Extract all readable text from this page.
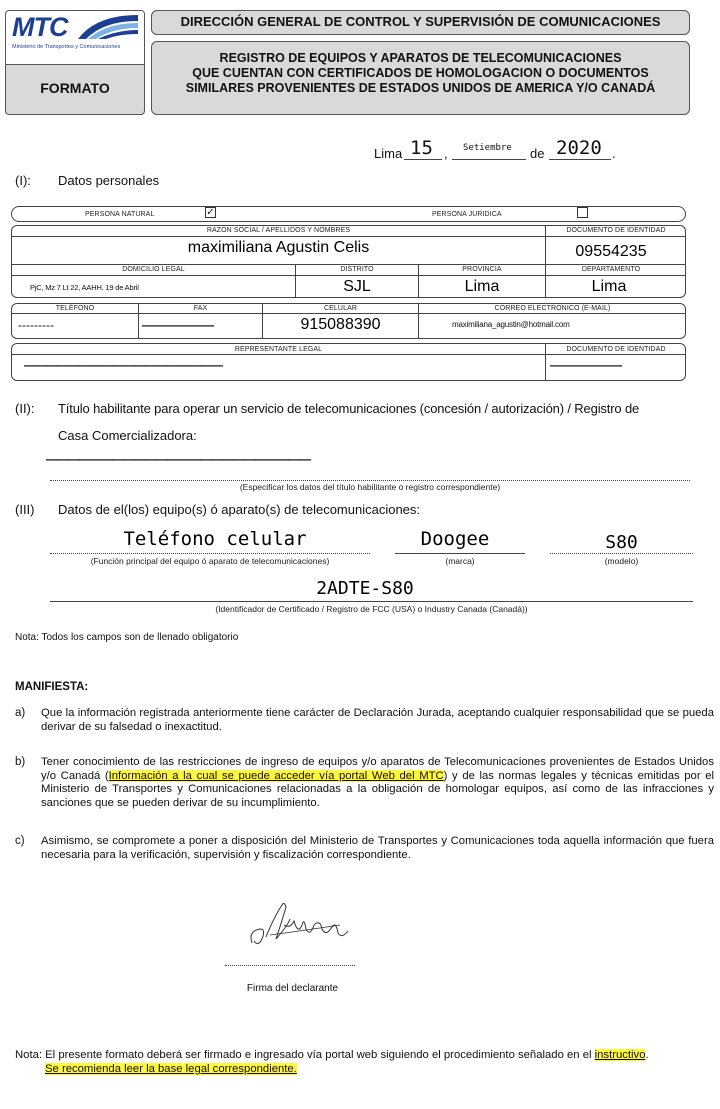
MTC
Ministerio de Transportes y Comunicaciones
FORMATO
DIRECCIÓN GENERAL DE CONTROL Y SUPERVISIÓN DE COMUNICACIONES
REGISTRO DE EQUIPOS Y APARATOS DE TELECOMUNICACIONES
QUE CUENTAN CON CERTIFICADOS DE HOMOLOGACION O DOCUMENTOS
SIMILARES PROVENIENTES DE ESTADOS UNIDOS DE AMERICA Y/O CANADÁ
Lima 15 , Setiembre de 2020 .
(I): Datos personales
PERSONA NATURAL	✓	PERSONA JURIDICA
RAZÓN SOCIAL / APELLIDOS Y NOMBRES
maximiliana Agustin Celis
DOCUMENTO DE IDENTIDAD
09554235
DOMICILIO LEGAL
PjC, Mz 7 Lt 22, AAHH. 19 de Abril
DISTRITO
SJL
PROVINCIA
Lima
DEPARTAMENTO
Lima
TELÉFONO
---------
FAX
——————
CELULAR
915088390
CORREO ELECTRÓNICO (E-MAIL)
maximiliana_agustin@hotmail.com
REPRESENTANTE LEGAL
——————————————————
DOCUMENTO DE IDENTIDAD
——————
(II): Título habilitante para operar un servicio de telecomunicaciones (concesión / autorización) / Registro de
Casa Comercializadora:
————————————————————————
(Especificar los datos del título habilitante o registro correspondiente)
(III) Datos de el(los) equipo(s) ó aparato(s) de telecomunicaciones:
Teléfono celular
(Función principal del equipo ó aparato de telecomunicaciones)
Doogee
(marca)
S80
(modelo)
2ADTE-S80
(Identificador de Certificado / Registro de FCC (USA) o Industry Canada (Canadá))
Nota: Todos los campos son de llenado obligatorio
MANIFIESTA:
a) Que la información registrada anteriormente tiene carácter de Declaración Jurada, aceptando cualquier responsabilidad que se pueda derivar de su falsedad o inexactitud.
b) Tener conocimiento de las restricciones de ingreso de equipos y/o aparatos de Telecomunicaciones provenientes de Estados Unidos y/o Canadá (Información a la cual se puede acceder vía portal Web del MTC) y de las normas legales y técnicas emitidas por el Ministerio de Transportes y Comunicaciones relacionadas a la obligación de homologar equipos, así como de las infracciones y sanciones que se pueden derivar de su incumplimiento.
c) Asimismo, se compromete a poner a disposición del Ministerio de Transportes y Comunicaciones toda aquella información que fuera necesaria para la verificación, supervisión y fiscalización correspondiente.
Firma del declarante
Nota: El presente formato deberá ser firmado e ingresado vía portal web siguiendo el procedimiento señalado en el instructivo.
Se recomienda leer la base legal correspondiente.
